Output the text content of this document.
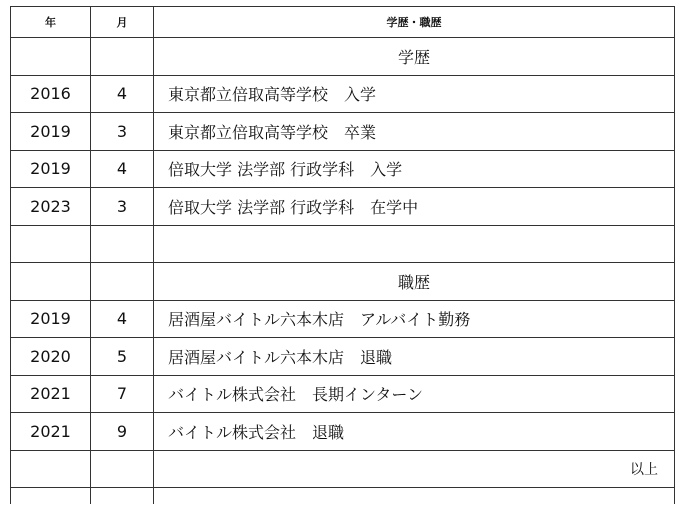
年	月	学歴・職歴
		学歴
2016	4	東京都立倍取高等学校　入学
2019	3	東京都立倍取高等学校　卒業
2019	4	倍取大学 法学部 行政学科　入学
2023	3	倍取大学 法学部 行政学科　在学中

		職歴
2019	4	居酒屋バイトル六本木店　アルバイト勤務
2020	5	居酒屋バイトル六本木店　退職
2021	7	バイトル株式会社　長期インターン
2021	9	バイトル株式会社　退職
		以上
